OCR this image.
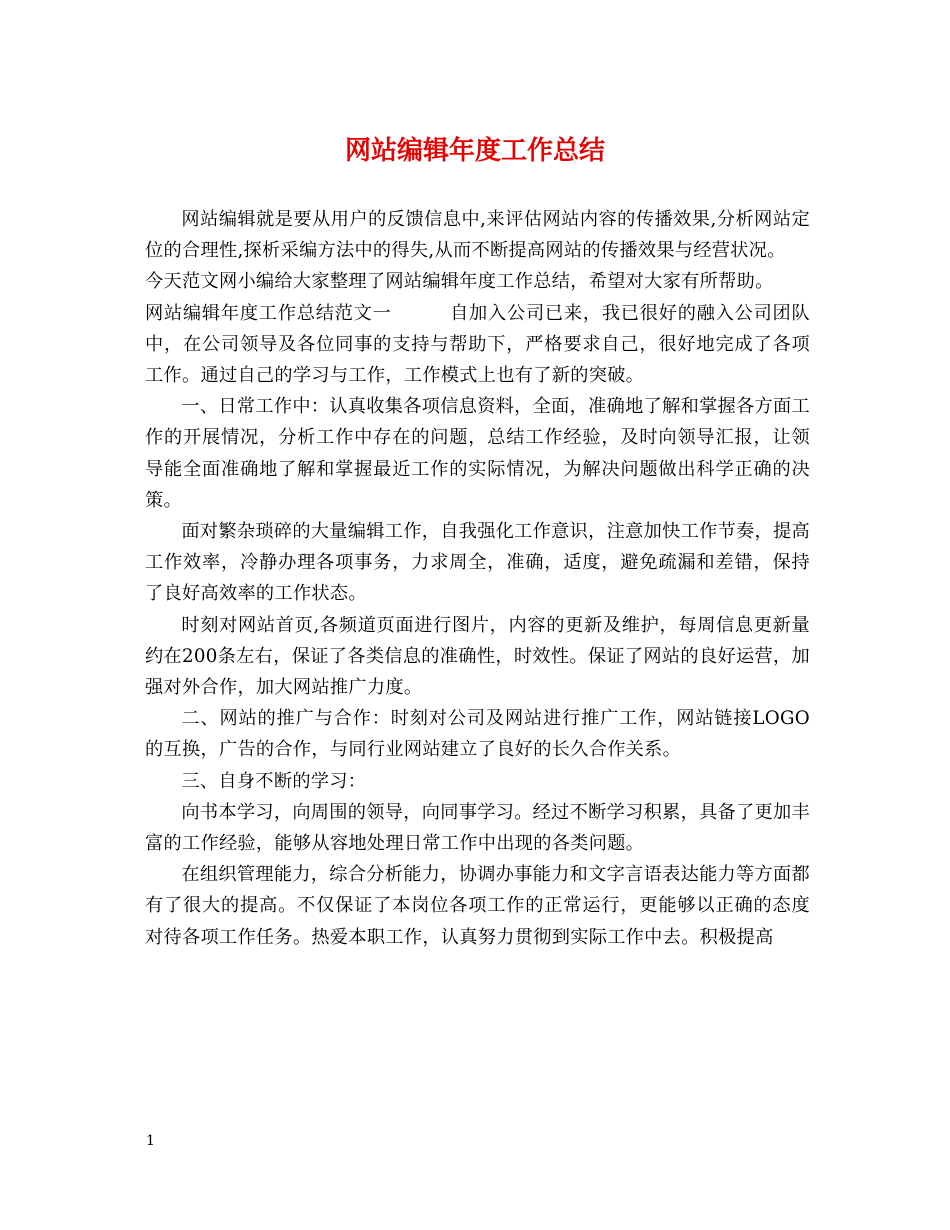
网站编辑年度工作总结

网站编辑就是要从用户的反馈信息中,来评估网站内容的传播效果,分析网站定位的合理性,探析采编方法中的得失,从而不断提高网站的传播效果与经营状况。

今天范文网小编给大家整理了网站编辑年度工作总结，希望对大家有所帮助。

网站编辑年度工作总结范文一	自加入公司已来，我已很好的融入公司团队中，在公司领导及各位同事的支持与帮助下，严格要求自己，很好地完成了各项工作。通过自己的学习与工作，工作模式上也有了新的突破。

一、日常工作中：认真收集各项信息资料，全面，准确地了解和掌握各方面工作的开展情况，分析工作中存在的问题，总结工作经验，及时向领导汇报，让领导能全面准确地了解和掌握最近工作的实际情况，为解决问题做出科学正确的决策。

面对繁杂琐碎的大量编辑工作，自我强化工作意识，注意加快工作节奏，提高工作效率，冷静办理各项事务，力求周全，准确，适度，避免疏漏和差错，保持了良好高效率的工作状态。

时刻对网站首页,各频道页面进行图片，内容的更新及维护，每周信息更新量约在200条左右，保证了各类信息的准确性，时效性。保证了网站的良好运营，加强对外合作，加大网站推广力度。

二、网站的推广与合作：时刻对公司及网站进行推广工作，网站链接LOGO的互换，广告的合作，与同行业网站建立了良好的长久合作关系。

三、自身不断的学习：

向书本学习，向周围的领导，向同事学习。经过不断学习积累，具备了更加丰富的工作经验，能够从容地处理日常工作中出现的各类问题。

在组织管理能力，综合分析能力，协调办事能力和文字言语表达能力等方面都有了很大的提高。不仅保证了本岗位各项工作的正常运行，更能够以正确的态度对待各项工作任务。热爱本职工作，认真努力贯彻到实际工作中去。积极提高

1
